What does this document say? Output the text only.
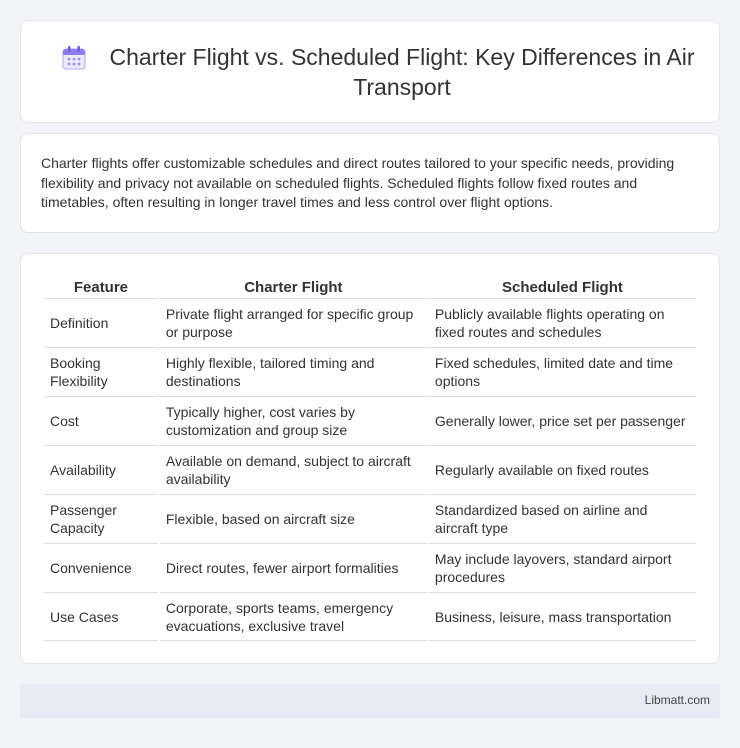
Charter Flight vs. Scheduled Flight: Key Differences in Air Transport

Charter flights offer customizable schedules and direct routes tailored to your specific needs, providing flexibility and privacy not available on scheduled flights. Scheduled flights follow fixed routes and timetables, often resulting in longer travel times and less control over flight options.

Feature	Charter Flight	Scheduled Flight
Definition	Private flight arranged for specific group or purpose	Publicly available flights operating on fixed routes and schedules
Booking Flexibility	Highly flexible, tailored timing and destinations	Fixed schedules, limited date and time options
Cost	Typically higher, cost varies by customization and group size	Generally lower, price set per passenger
Availability	Available on demand, subject to aircraft availability	Regularly available on fixed routes
Passenger Capacity	Flexible, based on aircraft size	Standardized based on airline and aircraft type
Convenience	Direct routes, fewer airport formalities	May include layovers, standard airport procedures
Use Cases	Corporate, sports teams, emergency evacuations, exclusive travel	Business, leisure, mass transportation
Libmatt.com
